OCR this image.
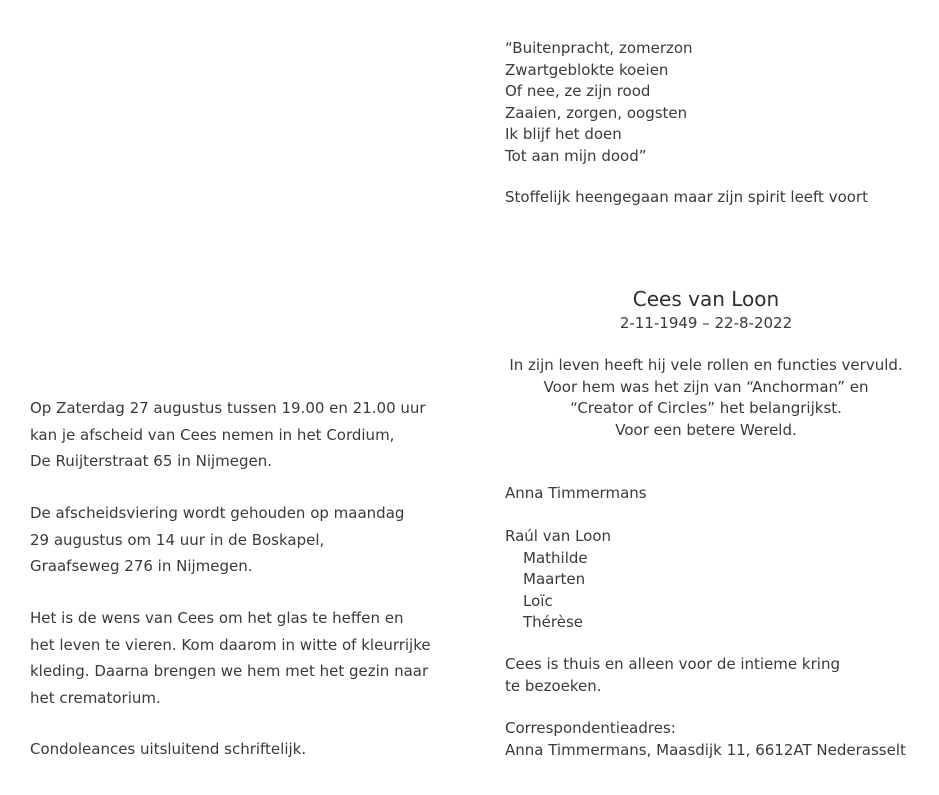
“Buitenpracht, zomerzon
Zwartgeblokte koeien
Of nee, ze zijn rood
Zaaien, zorgen, oogsten
Ik blijf het doen
Tot aan mijn dood”
Stoffelijk heengegaan maar zijn spirit leeft voort
Cees van Loon
2-11-1949 – 22-8-2022
In zijn leven heeft hij vele rollen en functies vervuld.
Voor hem was het zijn van “Anchorman” en
“Creator of Circles” het belangrijkst.
Voor een betere Wereld.
Anna Timmermans
Raúl van Loon
Mathilde
Maarten
Loïc
Thérèse
Cees is thuis en alleen voor de intieme kring
te bezoeken.
Correspondentieadres:
Anna Timmermans, Maasdijk 11, 6612AT Nederasselt

Op Zaterdag 27 augustus tussen 19.00 en 21.00 uur

kan je afscheid van Cees nemen in het Cordium,

De Ruijterstraat 65 in Nijmegen.

De afscheidsviering wordt gehouden op maandag

29 augustus om 14 uur in de Boskapel,

Graafseweg 276 in Nijmegen.

Het is de wens van Cees om het glas te heffen en

het leven te vieren. Kom daarom in witte of kleurrijke

kleding. Daarna brengen we hem met het gezin naar

het crematorium.

Condoleances uitsluitend schriftelijk.
